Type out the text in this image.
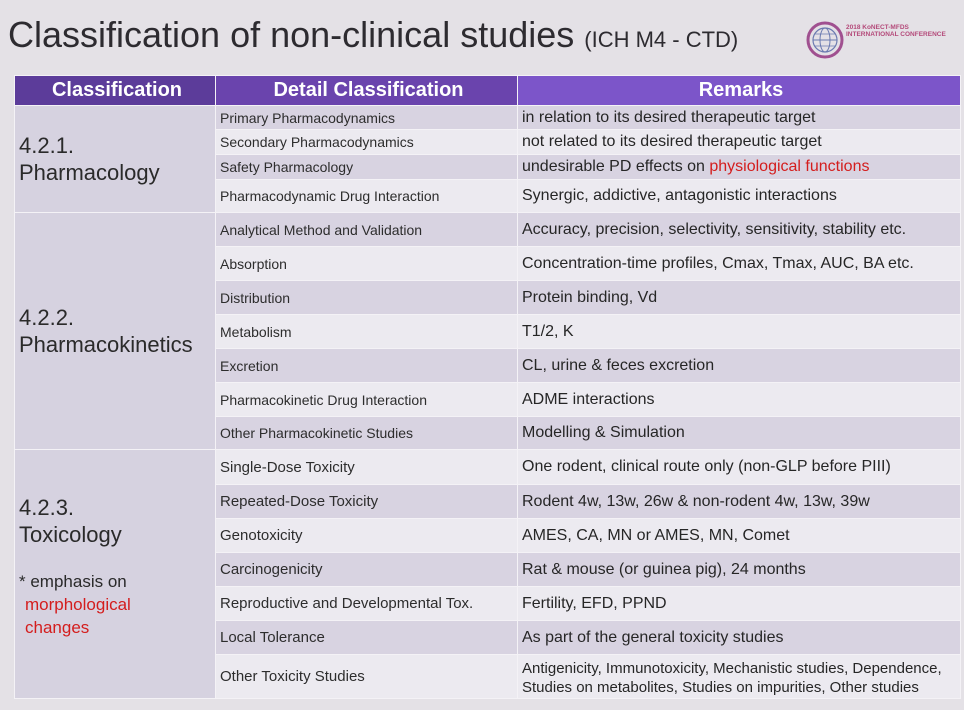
Classification of non-clinical studies (ICH M4 - CTD)	2018 KoNECT-MFDS INTERNATIONAL CONFERENCE
Classification	Detail Classification	Remarks

4.2.1.
Pharmacology	Primary Pharmacodynamics	in relation to its desired therapeutic target
	Secondary Pharmacodynamics	not related to its desired therapeutic target
	Safety Pharmacology	undesirable PD effects on physiological functions
	Pharmacodynamic Drug Interaction	Synergic, addictive, antagonistic interactions

4.2.2.
Pharmacokinetics	Analytical Method and Validation	Accuracy, precision, selectivity, sensitivity, stability etc.
	Absorption	Concentration-time profiles, Cmax, Tmax, AUC, BA etc.
	Distribution	Protein binding, Vd
	Metabolism	T1/2, K
	Excretion	CL, urine & feces excretion
	Pharmacokinetic Drug Interaction	ADME interactions
	Other Pharmacokinetic Studies	Modelling & Simulation

4.2.3.
Toxicology
* emphasis on
morphological
changes	Single-Dose Toxicity	One rodent, clinical route only (non-GLP before PIII)
	Repeated-Dose Toxicity	Rodent 4w, 13w, 26w & non-rodent 4w, 13w, 39w
	Genotoxicity	AMES, CA, MN or AMES, MN, Comet
	Carcinogenicity	Rat & mouse (or guinea pig), 24 months
	Reproductive and Developmental Tox.	Fertility, EFD, PPND
	Local Tolerance	As part of the general toxicity studies
	Other Toxicity Studies	Antigenicity, Immunotoxicity, Mechanistic studies, Dependence,
Studies on metabolites, Studies on impurities, Other studies
